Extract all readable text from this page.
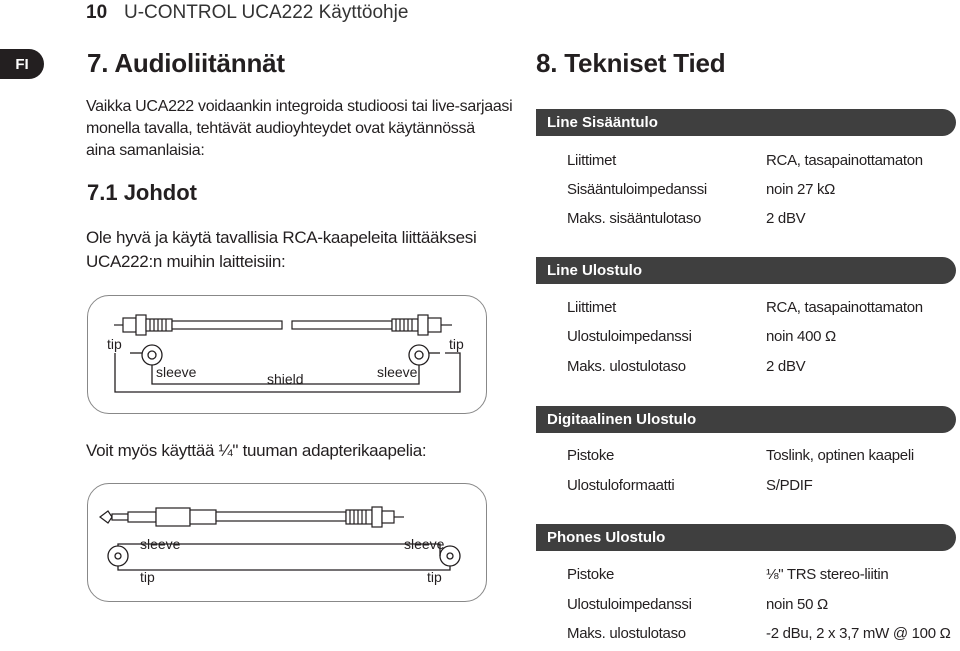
10 U-CONTROL UCA222 Käyttöohje
FI	7. Audioliitännät
Vaikka UCA222 voidaankin integroida studioosi tai live-sarjaasi
monella tavalla, tehtävät audioyhteydet ovat käytännössä
aina samanlaisia:
7.1 Johdot
Ole hyvä ja käytä tavallisia RCA-kaapeleita liittääksesi
UCA222:n muihin laitteisiin:
tip	tip
sleeve	sleeve
shield
Voit myös käyttää ¼" tuuman adapterikaapelia:
sleeve	sleeve
tip	tip
8. Tekniset Tied
Line Sisääntulo
Liittimet	RCA, tasapainottamaton
Sisääntuloimpedanssi	noin 27 kΩ
Maks. sisääntulotaso	2 dBV
Line Ulostulo
Liittimet	RCA, tasapainottamaton
Ulostuloimpedanssi	noin 400 Ω
Maks. ulostulotaso	2 dBV
Digitaalinen Ulostulo
Pistoke	Toslink, optinen kaapeli
Ulostuloformaatti	S/PDIF
Phones Ulostulo
Pistoke	⅛" TRS stereo-liitin
Ulostuloimpedanssi	noin 50 Ω
Maks. ulostulotaso	-2 dBu, 2 x 3,7 mW @ 100 Ω
